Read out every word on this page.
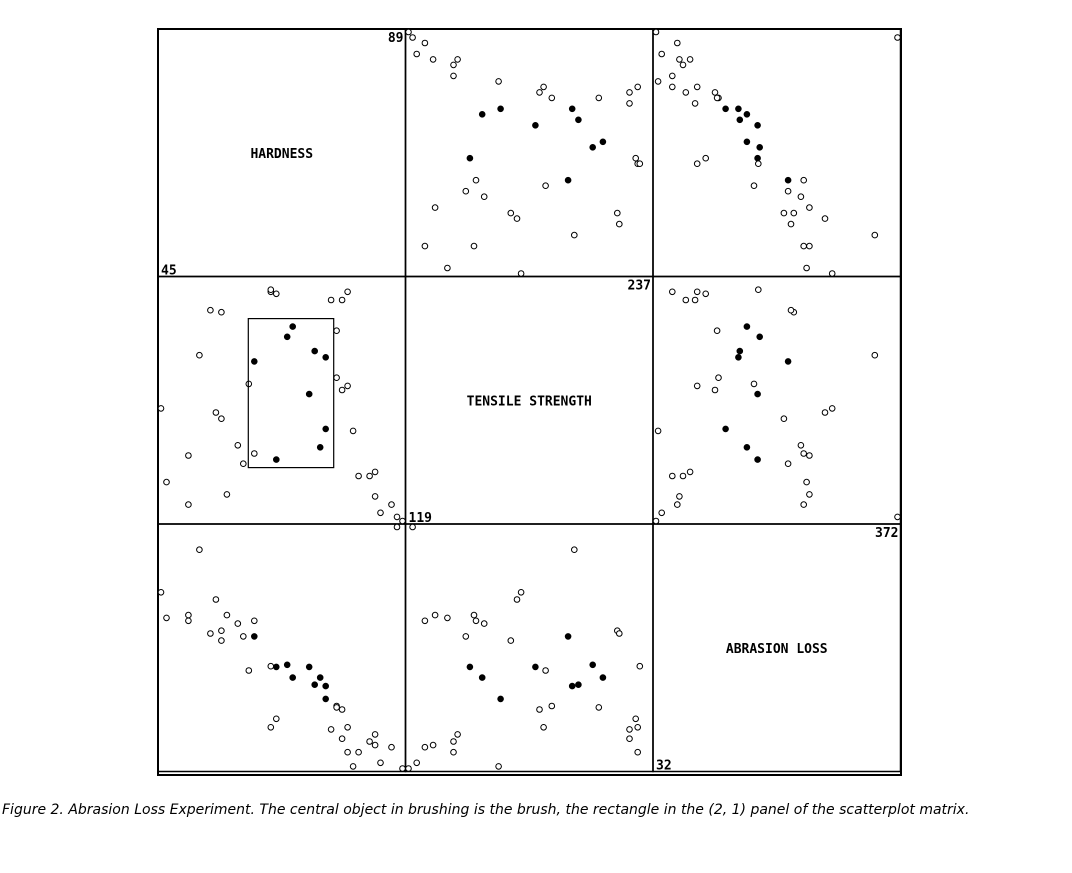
HARDNESS
89
45
TENSILE STRENGTH
237
119
ABRASION LOSS
372
32
Figure 2. Abrasion Loss Experiment. The central object in brushing is the brush, the rectangle in the (2, 1) panel of the scatterplot matrix.
